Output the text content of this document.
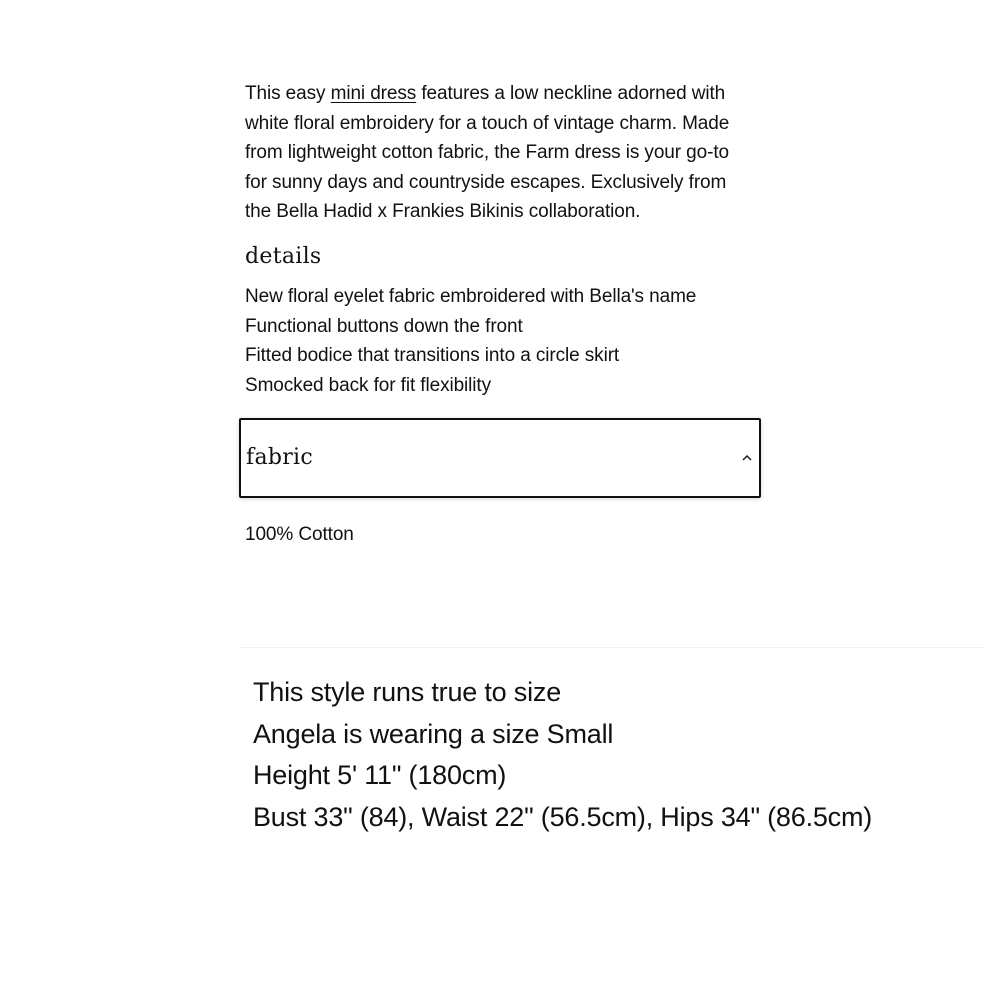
This easy mini dress features a low neckline adorned with
white floral embroidery for a touch of vintage charm. Made
from lightweight cotton fabric, the Farm dress is your go-to
for sunny days and countryside escapes. Exclusively from
the Bella Hadid x Frankies Bikinis collaboration.

details
New floral eyelet fabric embroidered with Bella's name
Functional buttons down the front
Fitted bodice that transitions into a circle skirt
Smocked back for fit flexibility
fabric

100% Cotton

This style runs true to size
Angela is wearing a size Small
Height 5' 11" (180cm)
Bust 33" (84), Waist 22" (56.5cm), Hips 34" (86.5cm)
